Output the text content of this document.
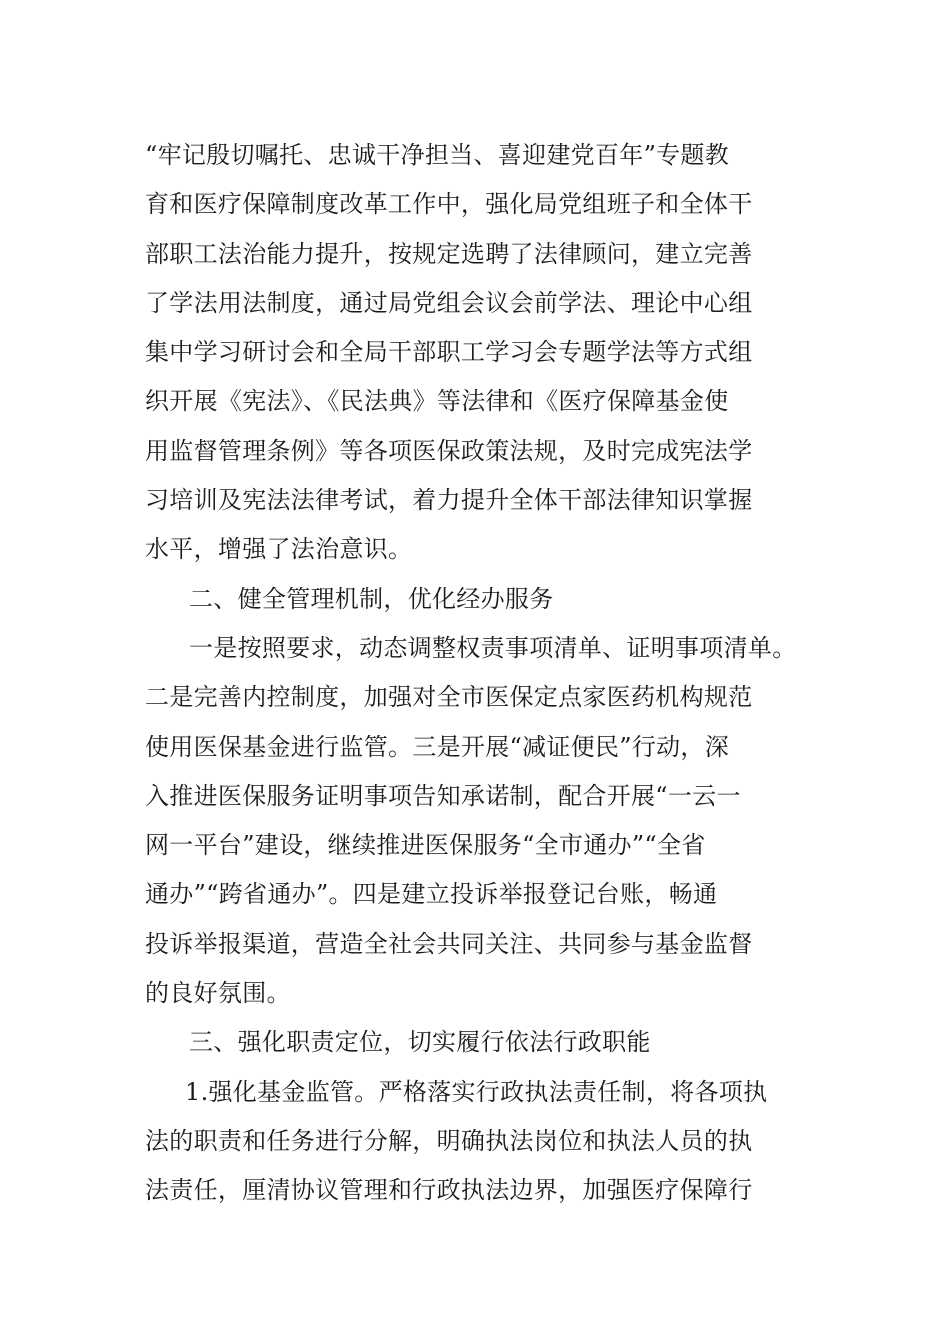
“牢记殷切嘱托、忠诚干净担当、喜迎建党百年”专题教
育和医疗保障制度改革工作中，强化局党组班子和全体干
部职工法治能力提升，按规定选聘了法律顾问，建立完善
了学法用法制度，通过局党组会议会前学法、理论中心组
集中学习研讨会和全局干部职工学习会专题学法等方式组
织开展《宪法》、《民法典》等法律和《医疗保障基金使
用监督管理条例》等各项医保政策法规，及时完成宪法学
习培训及宪法法律考试，着力提升全体干部法律知识掌握
水平，增强了法治意识。
二、健全管理机制，优化经办服务
一是按照要求，动态调整权责事项清单、证明事项清单。
二是完善内控制度，加强对全市医保定点家医药机构规范
使用医保基金进行监管。三是开展“减证便民”行动，深
入推进医保服务证明事项告知承诺制，配合开展“一云一
网一平台”建设，继续推进医保服务“全市通办”“全省
通办”“跨省通办”。四是建立投诉举报登记台账，畅通
投诉举报渠道，营造全社会共同关注、共同参与基金监督
的良好氛围。
三、强化职责定位，切实履行依法行政职能
1.强化基金监管。严格落实行政执法责任制，将各项执
法的职责和任务进行分解，明确执法岗位和执法人员的执
法责任，厘清协议管理和行政执法边界，加强医疗保障行
